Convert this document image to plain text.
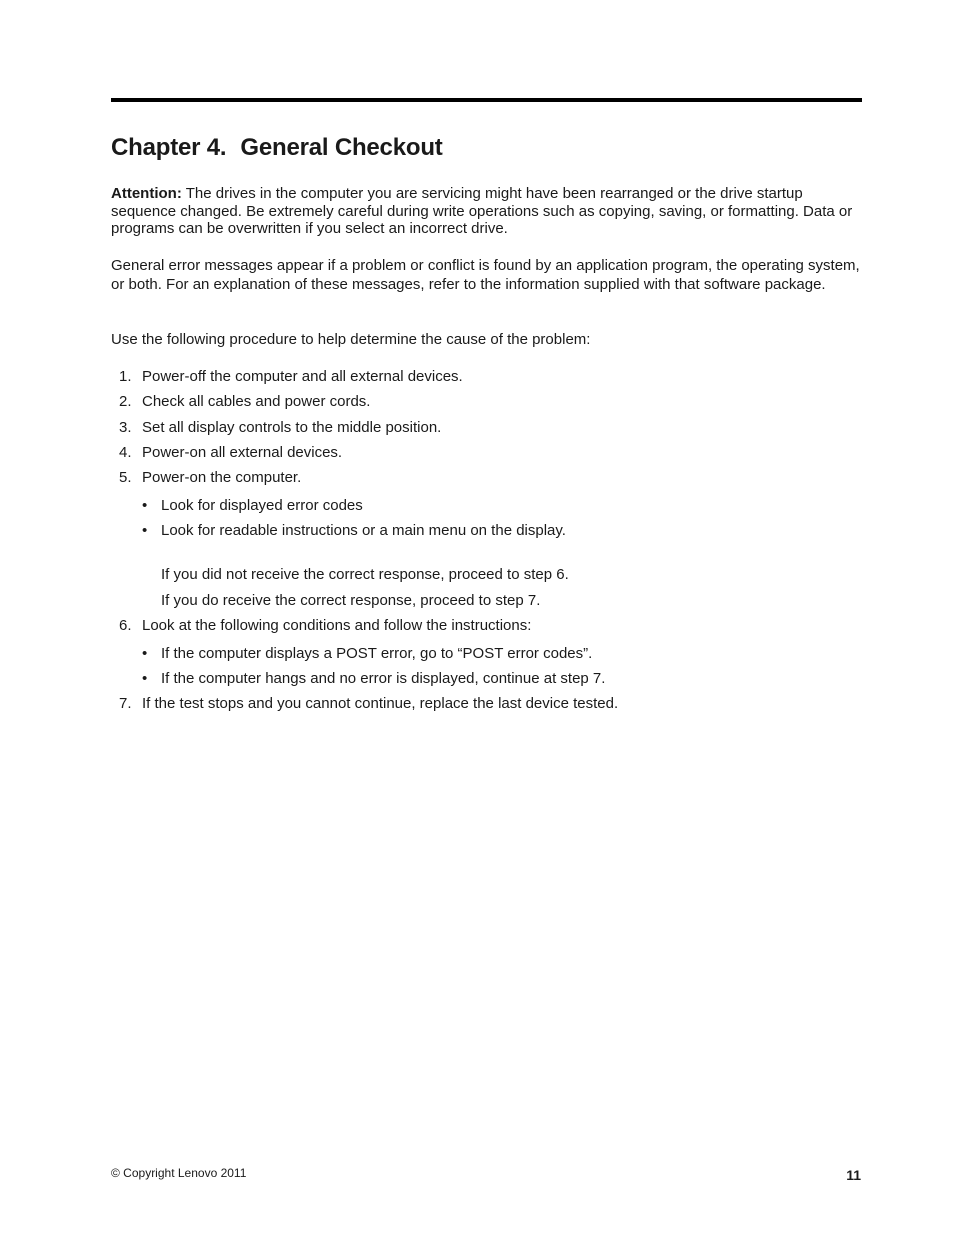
Chapter 4. General Checkout

Attention: The drives in the computer you are servicing might have been rearranged or the drive startup sequence changed. Be extremely careful during write operations such as copying, saving, or formatting. Data or programs can be overwritten if you select an incorrect drive.

General error messages appear if a problem or conflict is found by an application program, the operating system, or both. For an explanation of these messages, refer to the information supplied with that software package.

Use the following procedure to help determine the cause of the problem:

1. Power-off the computer and all external devices.
2. Check all cables and power cords.
3. Set all display controls to the middle position.
4. Power-on all external devices.
5. Power-on the computer.
• Look for displayed error codes
• Look for readable instructions or a main menu on the display.
If you did not receive the correct response, proceed to step 6.
If you do receive the correct response, proceed to step 7.
6. Look at the following conditions and follow the instructions:
• If the computer displays a POST error, go to “POST error codes”.
• If the computer hangs and no error is displayed, continue at step 7.
7. If the test stops and you cannot continue, replace the last device tested.
© Copyright Lenovo 2011	11
